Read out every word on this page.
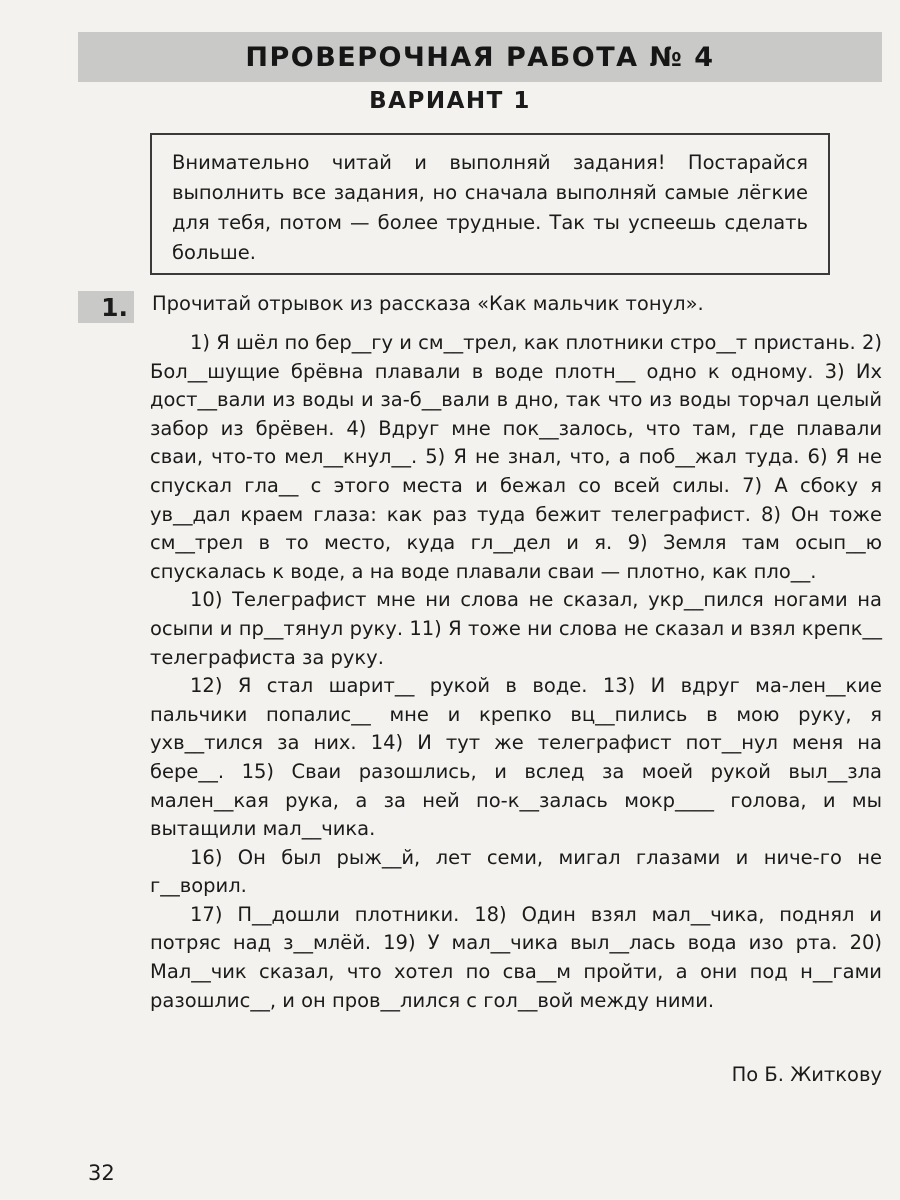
ПРОВЕРОЧНАЯ РАБОТА № 4
ВАРИАНТ 1
Внимательно читай и выполняй задания! Постарайся выполнить все задания, но сначала выполняй самые лёгкие для тебя, потом — более трудные. Так ты успеешь сделать больше.
1.	Прочитай отрывок из рассказа «Как мальчик тонул».

1) Я шёл по бер__гу и см__трел, как плотники стро__т пристань. 2) Бол__шущие брёвна плавали в воде плотн__ одно к одному. 3) Их дост__вали из воды и за-б__вали в дно, так что из воды торчал целый забор из брёвен. 4) Вдруг мне пок__залось, что там, где плавали сваи, что-то мел__кнул__. 5) Я не знал, что, а поб__жал туда. 6) Я не спускал гла__ с этого места и бежал со всей силы. 7) А сбоку я ув__дал краем глаза: как раз туда бежит телеграфист. 8) Он тоже см__трел в то место, куда гл__дел и я. 9) Земля там осып__ю спускалась к воде, а на воде плавали сваи — плотно, как пло__.

10) Телеграфист мне ни слова не сказал, укр__пился ногами на осыпи и пр__тянул руку. 11) Я тоже ни слова не сказал и взял крепк__ телеграфиста за руку.

12) Я стал шарит__ рукой в воде. 13) И вдруг ма-лен__кие пальчики попалис__ мне и крепко вц__пились в мою руку, я ухв__тился за них. 14) И тут же телеграфист пот__нул меня на бере__. 15) Сваи разошлись, и вслед за моей рукой выл__зла мален__кая рука, а за ней по-к__залась мокр____ голова, и мы вытащили мал__чика.

16) Он был рыж__й, лет семи, мигал глазами и ниче-го не г__ворил.

17) П__дошли плотники. 18) Один взял мал__чика, поднял и потряс над з__млёй. 19) У мал__чика выл__лась вода изо рта. 20) Мал__чик сказал, что хотел по сва__м пройти, а они под н__гами разошлис__, и он пров__лился с гол__вой между ними.

По Б. Житкову
32
